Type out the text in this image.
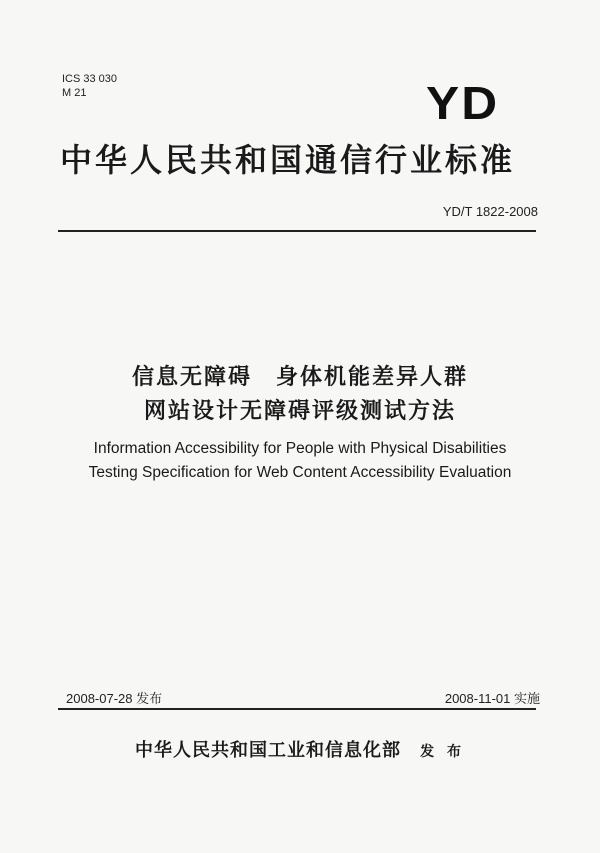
ICS 33 030
M 21	YD
中华人民共和国通信行业标准
YD/T 1822-2008
信息无障碍　身体机能差异人群
网站设计无障碍评级测试方法
Information Accessibility for People with Physical Disabilities
Testing Specification for Web Content Accessibility Evaluation
2008-07-28 发布	2008-11-01 实施
中华人民共和国工业和信息化部 发 布
